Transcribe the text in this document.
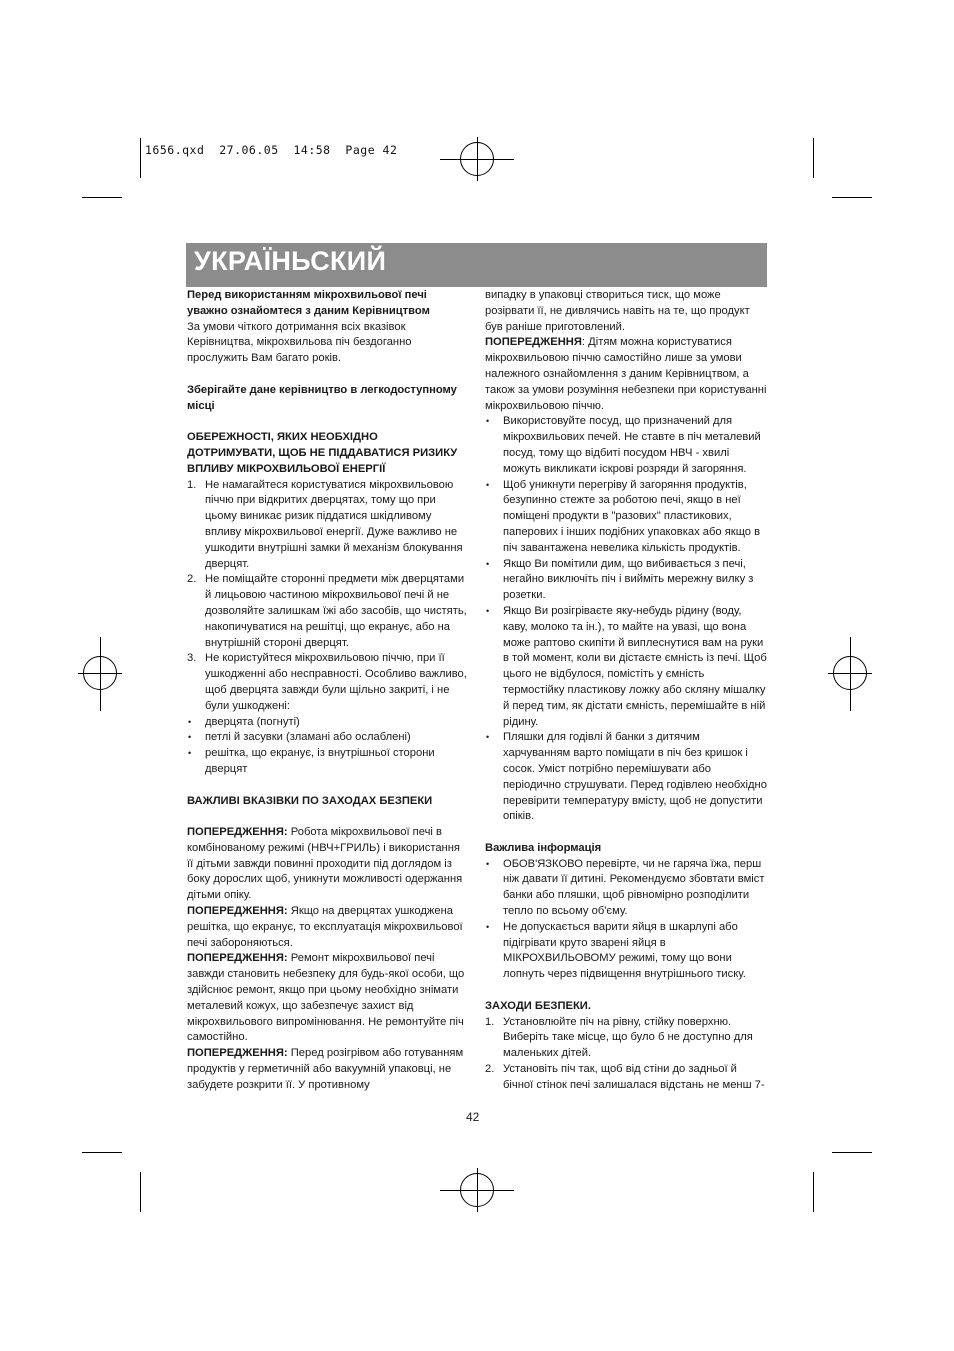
1656.qxd  27.06.05  14:58  Page 42
УКРАЇНЬСКИЙ

Перед використанням мікрохвильової печі уважно ознайомтеся з даним Керівництвом

За умови чіткого дотримання всіх вказівок Керівництва, мікрохвильова піч бездоганно прослужить Вам багато років.

Зберігайте дане керівництво в легкодоступному місці

ОБЕРЕЖНОСТІ, ЯКИХ НЕОБХІДНО ДОТРИМУВАТИ, ЩОБ НЕ ПІДДАВАТИСЯ РИЗИКУ ВПЛИВУ МІКРОХВИЛЬОВОЇ ЕНЕРГІЇ

1. Не намагайтеся користуватися мікрохвильовою піччю при відкритих дверцятах, тому що при цьому виникає ризик піддатися шкідливому впливу мікрохвильової енергії. Дуже важливо не ушкодити внутрішні замки й механізм блокування дверцят.
2. Не поміщайте сторонні предмети між дверцятами й лицьовою частиною мікрохвильової печі й не дозволяйте залишкам їжі або засобів, що чистять, накопичуватися на решітці, що екранує, або на внутрішній стороні дверцят.
3. Не користуйтеся мікрохвильовою піччю, при її ушкодженні або несправності. Особливо важливо, щоб дверцята завжди були щільно закриті, і не були ушкоджені:
• дверцята (погнуті)
• петлі й засувки (зламані або ослаблені)
• решітка, що екранує, із внутрішньої сторони дверцят

ВАЖЛИВІ ВКАЗІВКИ ПО ЗАХОДАХ БЕЗПЕКИ

ПОПЕРЕДЖЕННЯ: Робота мікрохвильової печі в комбінованому режимі (НВЧ+ГРИЛЬ) і використання її дітьми завжди повинні проходити під доглядом із боку дорослих щоб, уникнути можливості одержання дітьми опіку.

ПОПЕРЕДЖЕННЯ: Якщо на дверцятах ушкоджена решітка, що екранує, то експлуатація мікрохвильової печі забороняються.

ПОПЕРЕДЖЕННЯ: Ремонт мікрохвильової печі завжди становить небезпеку для будь-якої особи, що здійснює ремонт, якщо при цьому необхідно знімати металевий кожух, що забезпечує захист від мікрохвильового випромінювання. Не ремонтуйте піч самостійно.

ПОПЕРЕДЖЕННЯ: Перед розігрівом або готуванням продуктів у герметичній або вакуумній упаковці, не забудете розкрити її. У противному

випадку в упаковці створиться тиск, що може розірвати її, не дивлячись навіть на те, що продукт був раніше приготовлений.

ПОПЕРЕДЖЕННЯ: Дітям можна користуватися мікрохвильовою піччю самостійно лише за умови належного ознайомлення з даним Керівництвом, а також за умови розуміння небезпеки при користуванні мікрохвильовою піччю.

• Використовуйте посуд, що призначений для мікрохвильових печей. Не ставте в піч металевий посуд, тому що відбиті посудом НВЧ - хвилі можуть викликати іскрові розряди й загоряння.
• Щоб уникнути перегріву й загоряння продуктів, безупинно стежте за роботою печі, якщо в неї поміщені продукти в "разових" пластикових, паперових і інших подібних упаковках або якщо в піч завантажена невелика кількість продуктів.
• Якщо Ви помітили дим, що вибивається з печі, негайно виключіть піч і вийміть мережну вилку з розетки.
• Якщо Ви розігріваєте яку-небудь рідину (воду, каву, молоко та ін.), то майте на увазі, що вона може раптово скипіти й виплеснутися вам на руки в той момент, коли ви дістаєте ємність із печі. Щоб цього не відбулося, помістіть у ємність термостійку пластикову ложку або скляну мішалку й перед тим, як дістати ємність, перемішайте в ній рідину.
• Пляшки для годівлі й банки з дитячим харчуванням варто поміщати в піч без кришок і сосок. Уміст потрібно перемішувати або періодично струшувати. Перед годівлею необхідно перевірити температуру вмісту, щоб не допустити опіків.

Важлива інформація

• ОБОВ'ЯЗКОВО перевірте, чи не гаряча їжа, перш ніж давати її дитині. Рекомендуємо збовтати вміст банки або пляшки, щоб рівномірно розподілити тепло по всьому об'єму.
• Не допускається варити яйця в шкарлупі або підігрівати круто зварені яйця в МІКРОХВИЛЬОВОМУ режимі, тому що вони лопнуть через підвищення внутрішнього тиску.

ЗАХОДИ БЕЗПЕКИ.

1. Установлюйте піч на рівну, стійку поверхню. Виберіть таке місце, що було б не доступно для маленьких дітей.
2. Установіть піч так, щоб від стіни до задньої й бічної стінок печі залишалася відстань не менш 7-
42
